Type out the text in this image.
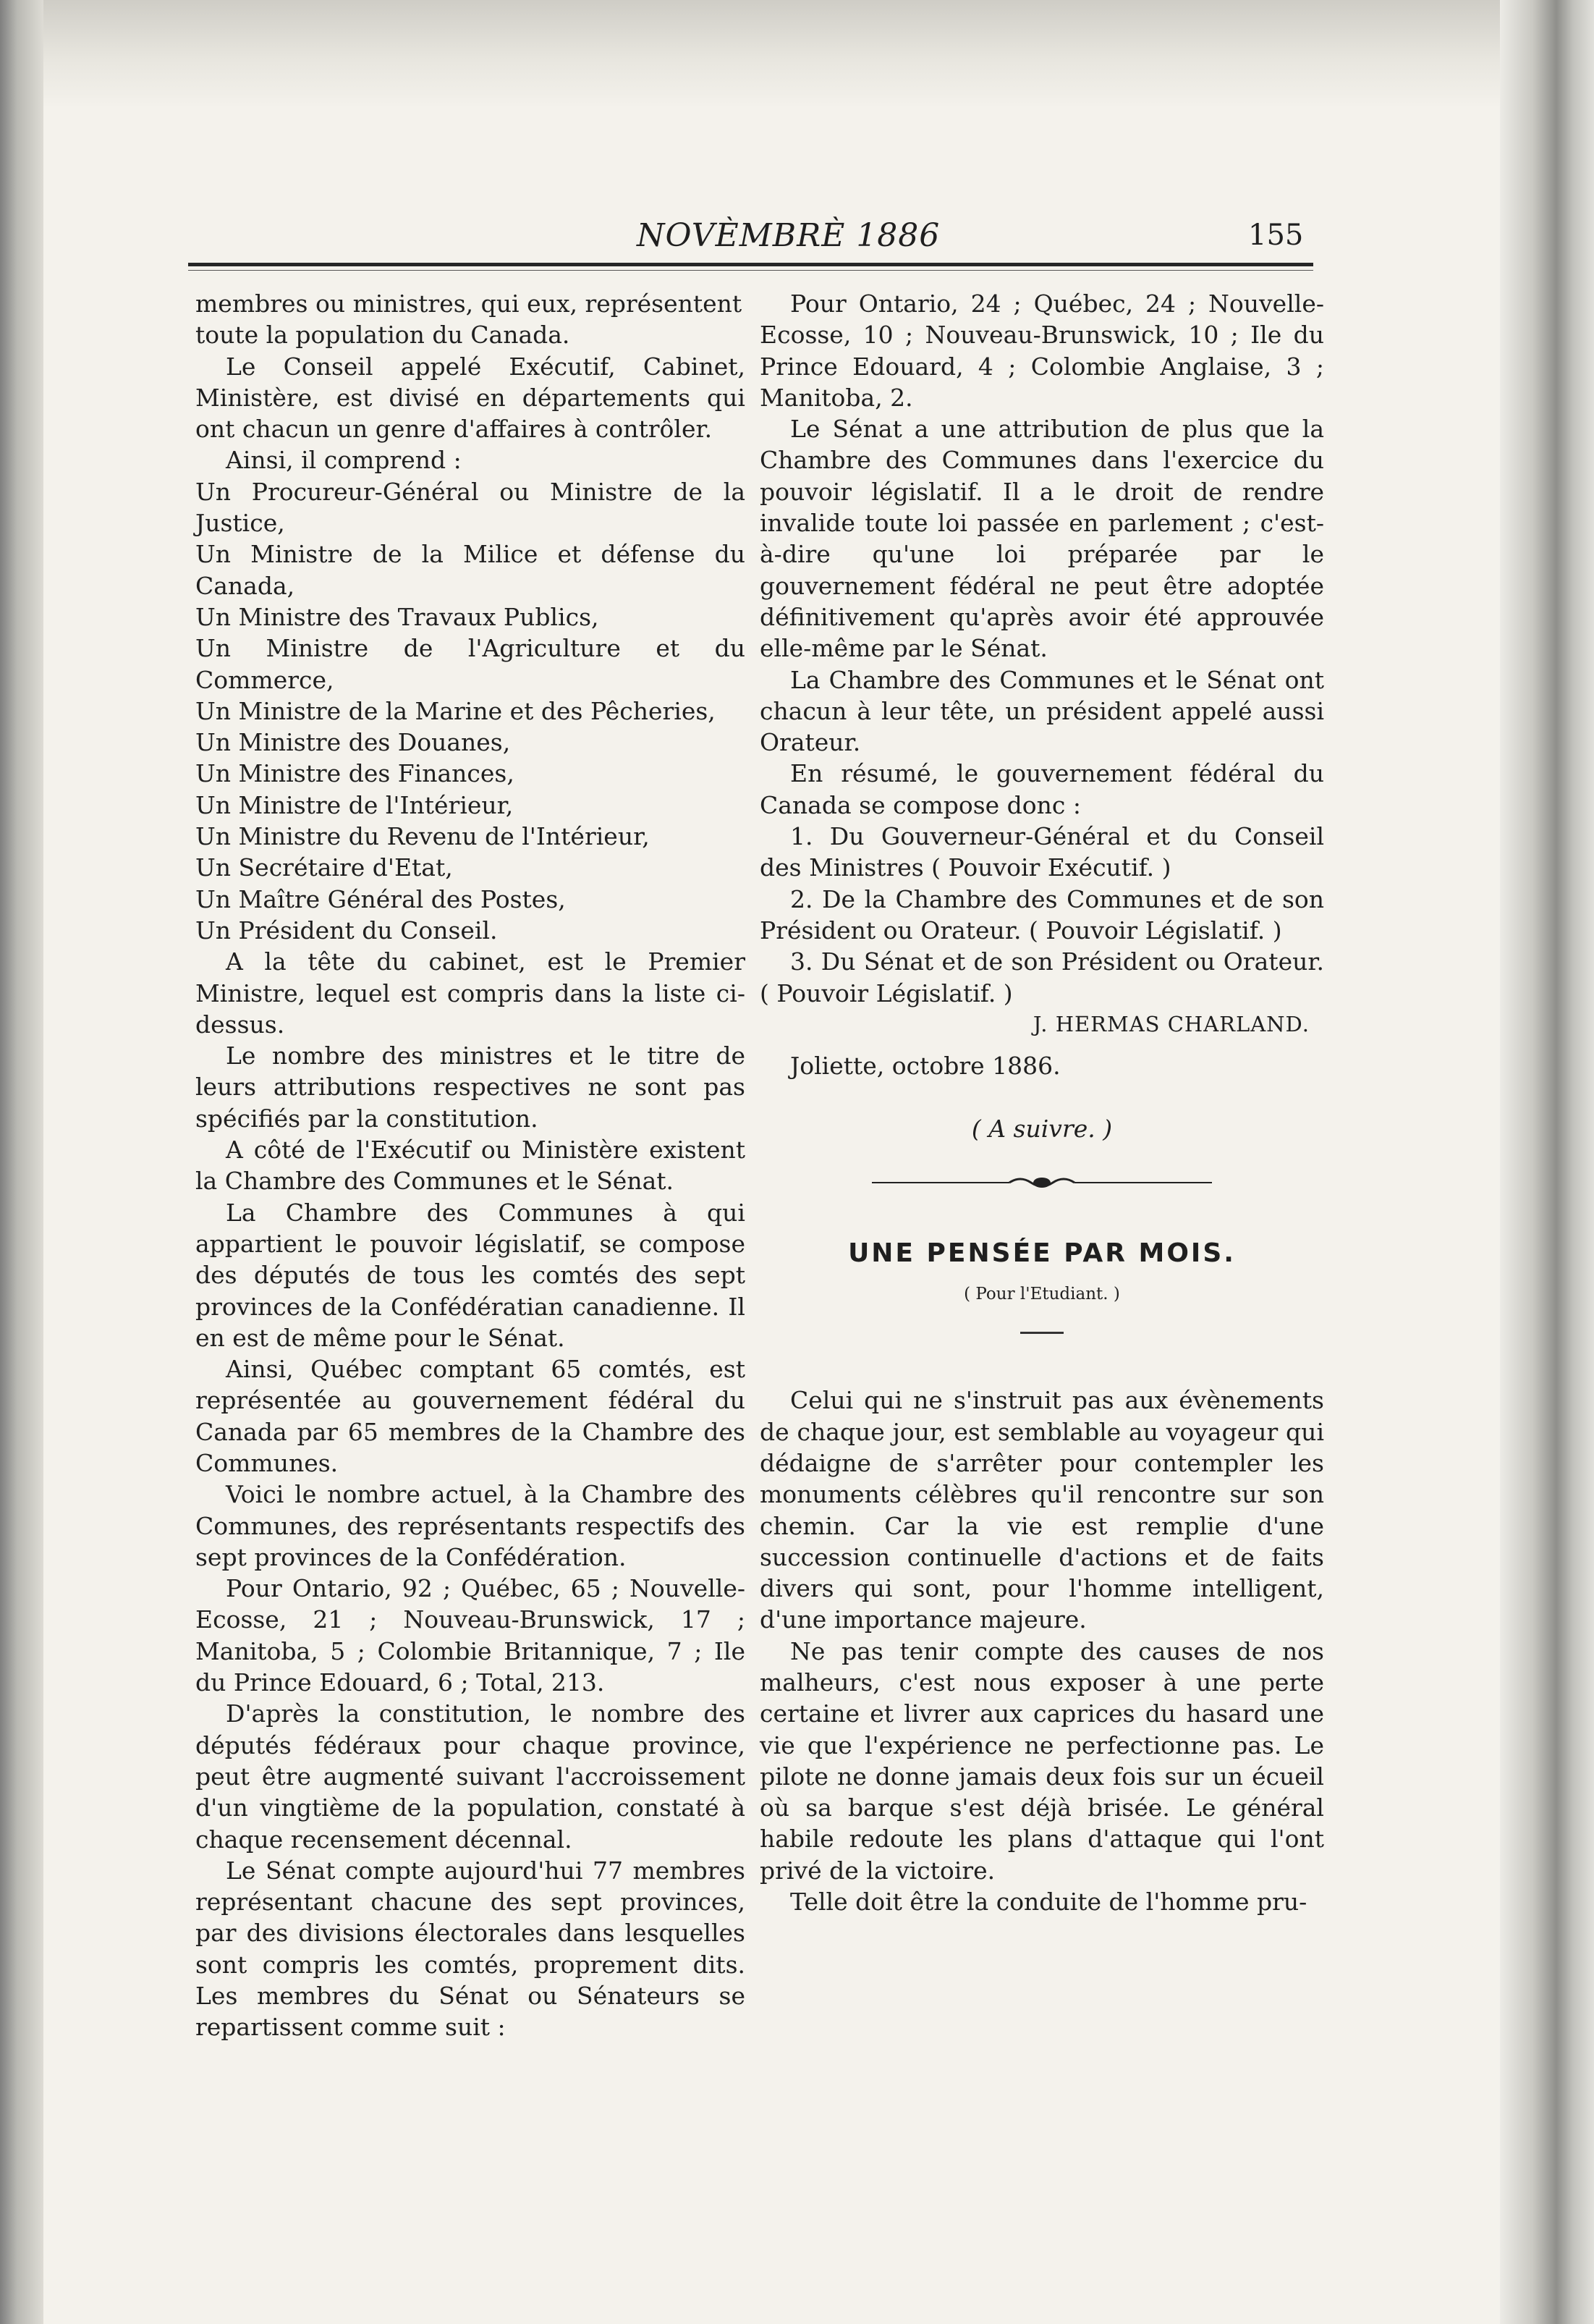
NOVÈMBRÈ 1886	155

membres ou ministres, qui eux, représentent

toute la population du Canada.

Le Conseil appelé Exécutif, Cabinet, Ministère, est divisé en départements qui ont chacun un genre d'affaires à contrôler.

Ainsi, il comprend :

Un Procureur-Général ou Ministre de la Justice,
Un Ministre de la Milice et défense du Canada,
Un Ministre des Travaux Publics,
Un Ministre de l'Agriculture et du Commerce,
Un Ministre de la Marine et des Pêcheries,
Un Ministre des Douanes,
Un Ministre des Finances,
Un Ministre de l'Intérieur,
Un Ministre du Revenu de l'Intérieur,
Un Secrétaire d'Etat,
Un Maître Général des Postes,
Un Président du Conseil.

A la tête du cabinet, est le Premier Ministre, lequel est compris dans la liste ci-dessus.

Le nombre des ministres et le titre de leurs attributions respectives ne sont pas spécifiés par la constitution.

A côté de l'Exécutif ou Ministère existent la Chambre des Communes et le Sénat.

La Chambre des Communes à qui appartient le pouvoir législatif, se compose des députés de tous les comtés des sept provinces de la Confédératian canadienne. Il en est de même pour le Sénat.

Ainsi, Québec comptant 65 comtés, est représentée au gouvernement fédéral du Canada par 65 membres de la Chambre des Communes.

Voici le nombre actuel, à la Chambre des Communes, des représentants respectifs des sept provinces de la Confédération.

Pour Ontario, 92 ; Québec, 65 ; Nouvelle-Ecosse, 21 ; Nouveau-Brunswick, 17 ; Manitoba, 5 ; Colombie Britannique, 7 ; Ile du Prince Edouard, 6 ; Total, 213.

D'après la constitution, le nombre des députés fédéraux pour chaque province, peut être augmenté suivant l'accroissement d'un vingtième de la population, constaté à chaque recensement décennal.

Le Sénat compte aujourd'hui 77 membres représentant chacune des sept provinces, par des divisions électorales dans lesquelles sont compris les comtés, proprement dits. Les membres du Sénat ou Sénateurs se repartissent comme suit :

Pour Ontario, 24 ; Québec, 24 ; Nouvelle-Ecosse, 10 ; Nouveau-Brunswick, 10 ; Ile du Prince Edouard, 4 ; Colombie Anglaise, 3 ; Manitoba, 2.

Le Sénat a une attribution de plus que la Chambre des Communes dans l'exercice du pouvoir législatif. Il a le droit de rendre invalide toute loi passée en parlement ; c'est-à-dire qu'une loi préparée par le gouvernement fédéral ne peut être adoptée définitivement qu'après avoir été approuvée elle-même par le Sénat.

La Chambre des Communes et le Sénat ont chacun à leur tête, un président appelé aussi Orateur.

En résumé, le gouvernement fédéral du Canada se compose donc :

1. Du Gouverneur-Général et du Conseil des Ministres ( Pouvoir Exécutif. )

2. De la Chambre des Communes et de son Président ou Orateur. ( Pouvoir Législatif. )

3. Du Sénat et de son Président ou Orateur. ( Pouvoir Législatif. )

J. HERMAS CHARLAND.

Joliette, octobre 1886.

( A suivre. )

UNE PENSÉE PAR MOIS.

( Pour l'Etudiant. )

Celui qui ne s'instruit pas aux évènements de chaque jour, est semblable au voyageur qui dédaigne de s'arrêter pour contempler les monuments célèbres qu'il rencontre sur son chemin. Car la vie est remplie d'une succession continuelle d'actions et de faits divers qui sont, pour l'homme intelligent, d'une importance majeure.

Ne pas tenir compte des causes de nos malheurs, c'est nous exposer à une perte certaine et livrer aux caprices du hasard une vie que l'expérience ne perfectionne pas. Le pilote ne donne jamais deux fois sur un écueil où sa barque s'est déjà brisée. Le général habile redoute les plans d'attaque qui l'ont privé de la victoire.

Telle doit être la conduite de l'homme pru-
